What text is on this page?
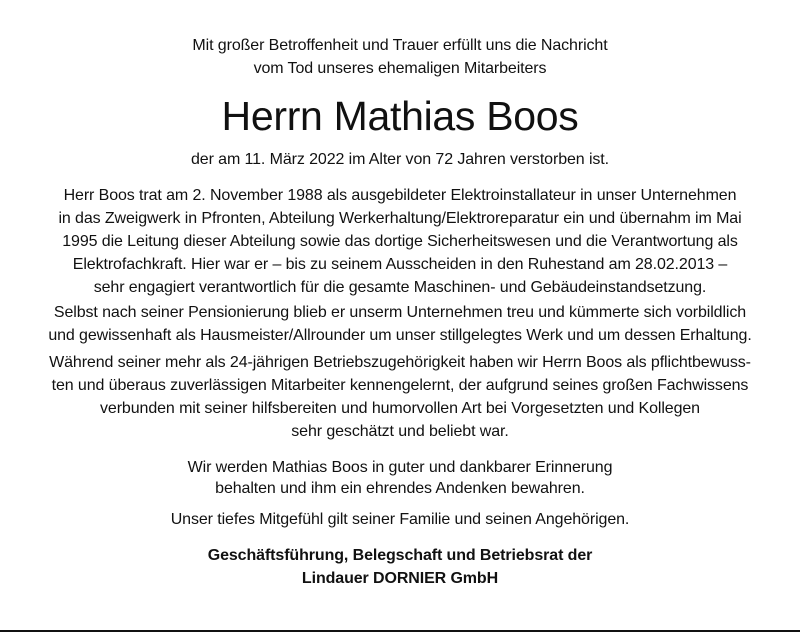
Mit großer Betroffenheit und Trauer erfüllt uns die Nachricht
vom Tod unseres ehemaligen Mitarbeiters
Herrn Mathias Boos
der am 11. März 2022 im Alter von 72 Jahren verstorben ist.
Herr Boos trat am 2. November 1988 als ausgebildeter Elektroinstallateur in unser Unternehmen
in das Zweigwerk in Pfronten, Abteilung Werkerhaltung/Elektroreparatur ein und übernahm im Mai
1995 die Leitung dieser Abteilung sowie das dortige Sicherheitswesen und die Verantwortung als
Elektrofachkraft. Hier war er – bis zu seinem Ausscheiden in den Ruhestand am 28.02.2013 –
sehr engagiert verantwortlich für die gesamte Maschinen- und Gebäudeinstandsetzung.
Selbst nach seiner Pensionierung blieb er unserm Unternehmen treu und kümmerte sich vorbildlich
und gewissenhaft als Hausmeister/Allrounder um unser stillgelegtes Werk und um dessen Erhaltung.
Während seiner mehr als 24-jährigen Betriebszugehörigkeit haben wir Herrn Boos als pflichtbewuss-
ten und überaus zuverlässigen Mitarbeiter kennengelernt, der aufgrund seines großen Fachwissens
verbunden mit seiner hilfsbereiten und humorvollen Art bei Vorgesetzten und Kollegen
sehr geschätzt und beliebt war.
Wir werden Mathias Boos in guter und dankbarer Erinnerung
behalten und ihm ein ehrendes Andenken bewahren.
Unser tiefes Mitgefühl gilt seiner Familie und seinen Angehörigen.
Geschäftsführung, Belegschaft und Betriebsrat der
Lindauer DORNIER GmbH
